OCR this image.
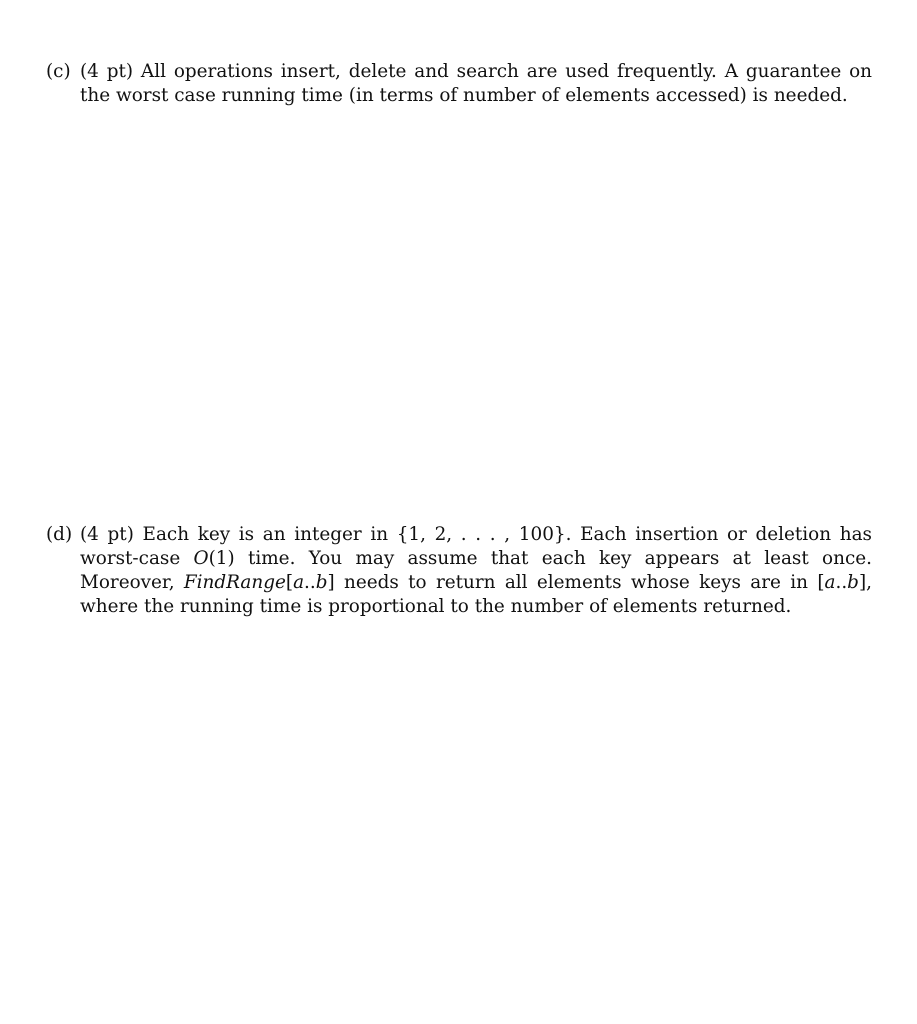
(c) (4 pt) All operations insert, delete and search are used frequently. A guarantee on the worst case running time (in terms of number of elements accessed) is needed.
(d) (4 pt) Each key is an integer in {1, 2, . . . , 100}. Each insertion or deletion has worst-case O(1) time. You may assume that each key appears at least once. Moreover, FindRange[a..b] needs to return all elements whose keys are in [a..b], where the running time is proportional to the number of elements returned.
